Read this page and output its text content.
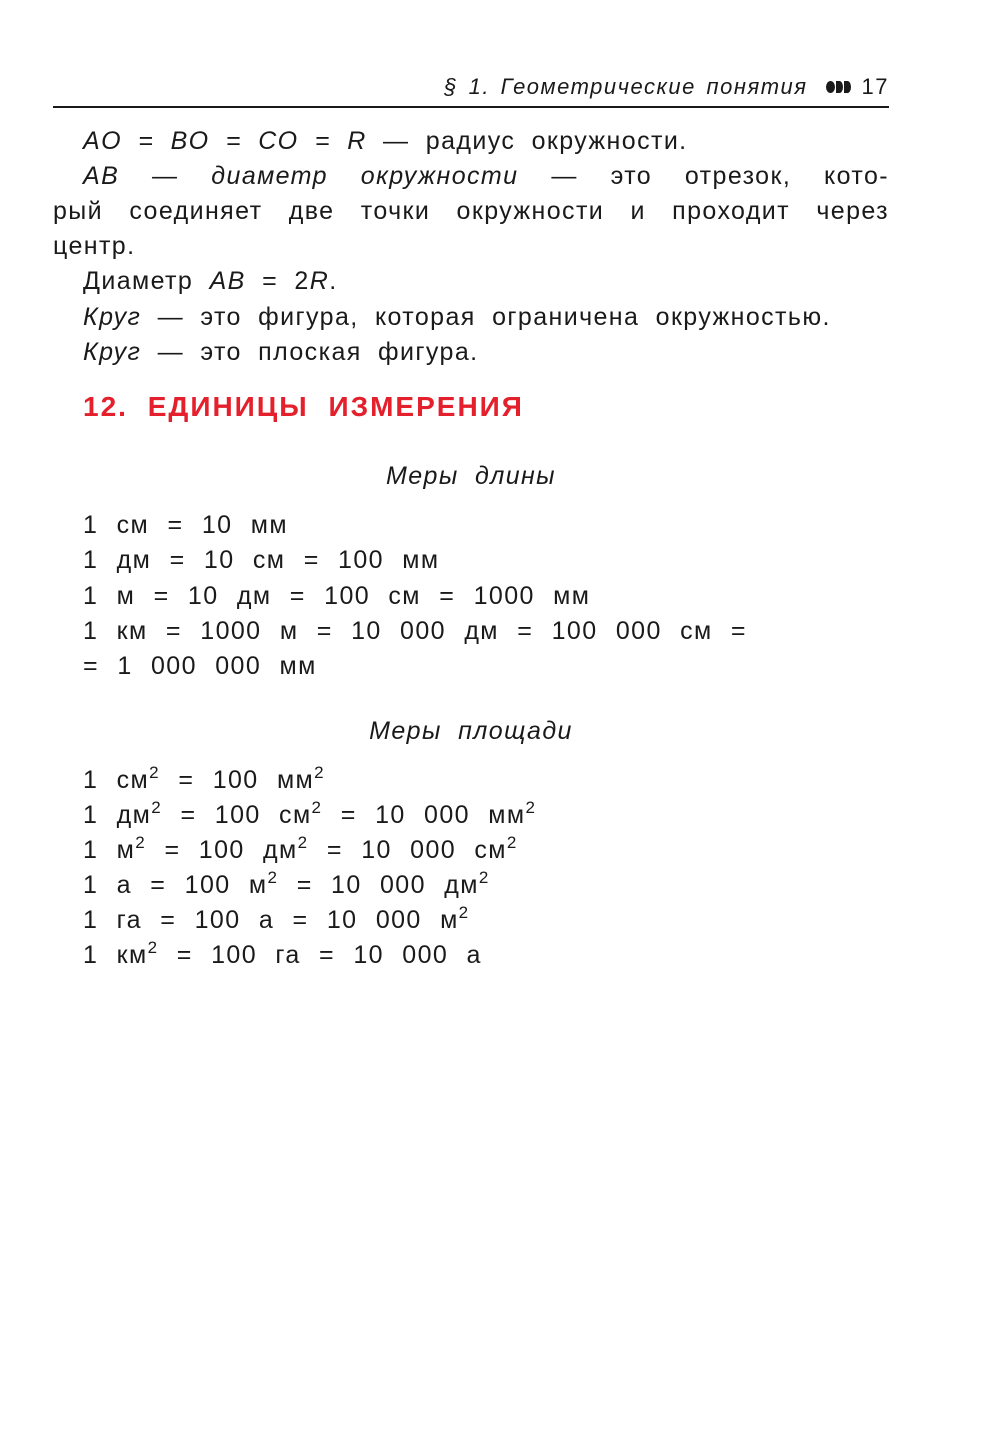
§ 1.
Геометрические понятия 17
AO = BO = CO = R — радиус окружности.
AB — диаметр окружности — это отрезок, кото-
рый соединяет две точки окружности и проходит через
центр.
Диаметр AB = 2R.
Круг — это фигура, которая ограничена окружностью.
Круг — это плоская фигура.
12. ЕДИНИЦЫ ИЗМЕРЕНИЯ
Меры длины
1 см = 10 мм
1 дм = 10 см = 100 мм
1 м = 10 дм = 100 см = 1000 мм
1 км = 1000 м = 10 000 дм = 100 000 см =
= 1 000 000 мм
Меры площади
1 $см^2 = 100$ $мм^2$
1 $дм^2 = 100$ $см^2 = 10$ 000 $мм^2$
1 $м^2 = 100$ $дм^2 = 10$ 000 $см^2$
1 а = 100 $м^2 = 10$ 000 $дм^2$
1 га = 100 а = 10 000 $м^2$
1 $км^2 = 100$ га = 10 000 а
